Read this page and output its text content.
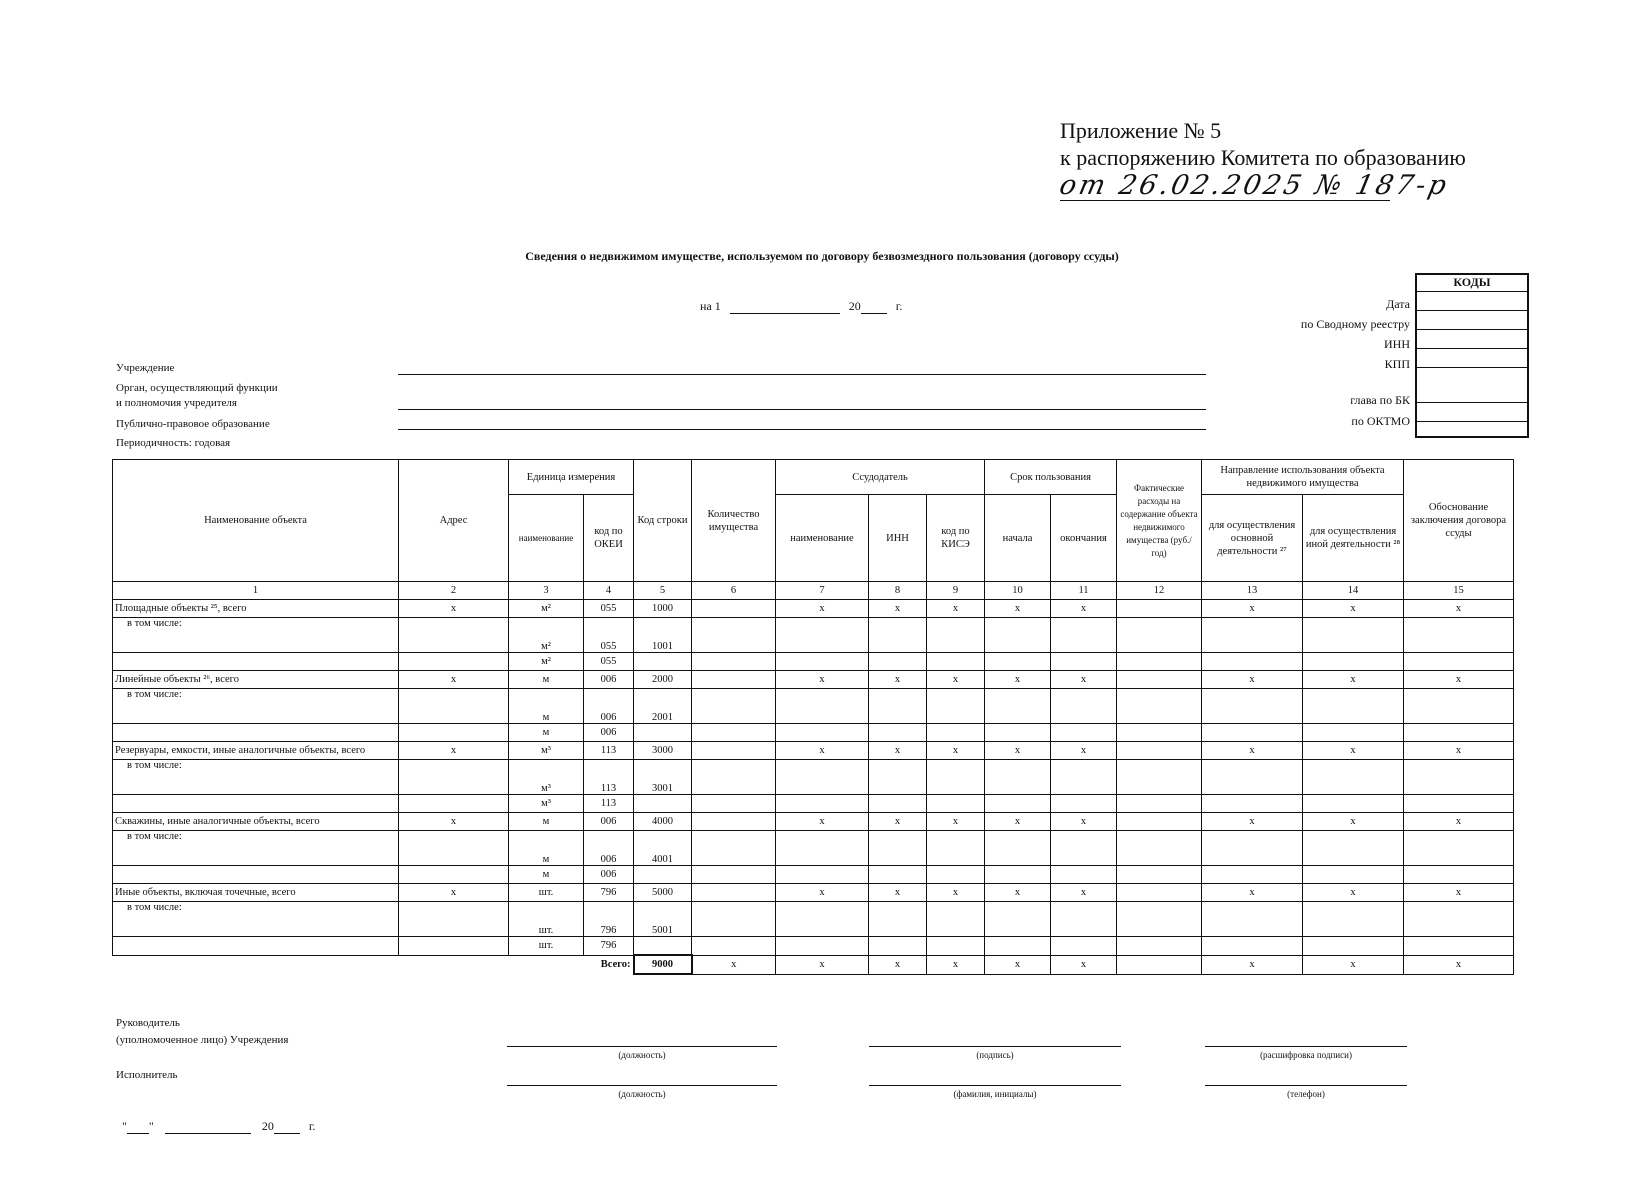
Приложение № 5
к распоряжению Комитета по образованию
от 26.02.2025 № 187-р
Сведения о недвижимом имуществе, используемом по договору безвозмездного пользования (договору ссуды)
на 1	20	г.
КОДЫ
Дата
по Сводному реестру
ИНН
КПП
глава по БК
по ОКТМО
Учреждение
Орган, осуществляющий функции
и полномочия учредителя
Публично-правовое образование
Периодичность: годовая
Наименование объекта	Адрес	Единица измерения		Код строки	Количество имущества	Ссудодатель			Срок пользования		Фактические расходы на содержание объекта недвижимого имущества (руб./год)	Направление использования объекта недвижимого имущества		Обоснование заключения договора ссуды
		наименование	код по ОКЕИ			наименование	ИНН	код по КИСЭ	начала	окончания		для осуществления основной деятельности ²⁷	для осуществления иной деятельности ²⁸	
1	2	3	4	5	6	7	8	9	10	11	12	13	14	15
Площадные объекты ²⁵, всего	x	м²	055	1000		x	x	x	x	x		x	x	x
в том числе:		м²	055	1001										
		м²	055											
Линейные объекты ²⁶, всего	x	м	006	2000		x	x	x	x	x		x	x	x
в том числе:		м	006	2001										
		м	006											
Резервуары, емкости, иные аналогичные объекты, всего	x	м³	113	3000		x	x	x	x	x		x	x	x
в том числе:		м³	113	3001										
		м³	113											
Скважины, иные аналогичные объекты, всего	x	м	006	4000		x	x	x	x	x		x	x	x
в том числе:		м	006	4001										
		м	006											
Иные объекты, включая точечные, всего	x	шт.	796	5000		x	x	x	x	x		x	x	x
в том числе:		шт.	796	5001										
		шт.	796											
			Всего:	9000	x	x	x	x	x	x		x	x	x
Руководитель
(уполномоченное лицо) Учреждения
(должность)	(подпись)	(расшифровка подписи)
Исполнитель
(должность)	(фамилия, инициалы)	(телефон)
" "	20	г.
